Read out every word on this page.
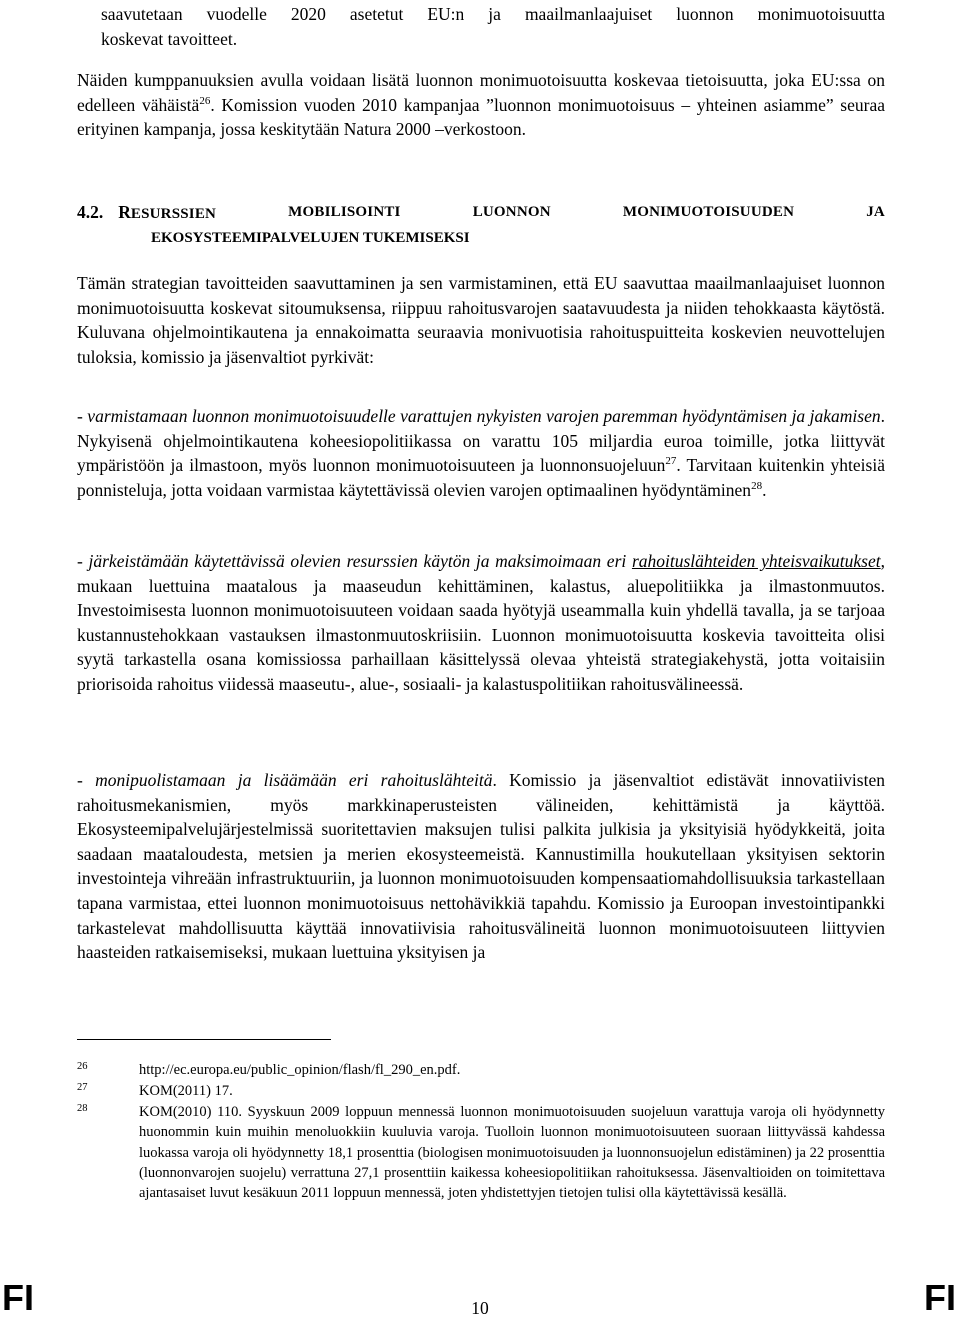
saavutetaan vuodelle 2020 asetetut EU:n ja maailmanlaajuiset luonnon monimuotoisuutta

koskevat tavoitteet.

Näiden kumppanuuksien avulla voidaan lisätä luonnon monimuotoisuutta koskevaa tietoisuutta, joka EU:ssa on edelleen vähäistä$^{26}$. Komission vuoden 2010 kampanjaa ”luonnon monimuotoisuus – yhteinen asiamme” seuraa erityinen kampanja, jossa keskitytään Natura 2000 –verkostoon.

4.2. RESURSSIEN	MOBILISOINTI	LUONNON	MONIMUOTOISUUDEN	JA
EKOSYSTEEMIPALVELUJEN TUKEMISEKSI

Tämän strategian tavoitteiden saavuttaminen ja sen varmistaminen, että EU saavuttaa maailmanlaajuiset luonnon monimuotoisuutta koskevat sitoumuksensa, riippuu rahoitusvarojen saatavuudesta ja niiden tehokkaasta käytöstä. Kuluvana ohjelmointikautena ja ennakoimatta seuraavia monivuotisia rahoituspuitteita koskevien neuvottelujen tuloksia, komissio ja jäsenvaltiot pyrkivät:

- varmistamaan luonnon monimuotoisuudelle varattujen nykyisten varojen paremman hyödyntämisen ja jakamisen. Nykyisenä ohjelmointikautena koheesiopolitiikassa on varattu 105 miljardia euroa toimille, jotka liittyvät ympäristöön ja ilmastoon, myös luonnon monimuotoisuuteen ja luonnonsuojeluun$^{27}$. Tarvitaan kuitenkin yhteisiä ponnisteluja, jotta voidaan varmistaa käytettävissä olevien varojen optimaalinen hyödyntäminen$^{28}$.

- järkeistämään käytettävissä olevien resurssien käytön ja maksimoimaan eri rahoituslähteiden yhteisvaikutukset, mukaan luettuina maatalous ja maaseudun kehittäminen, kalastus, aluepolitiikka ja ilmastonmuutos. Investoimisesta luonnon monimuotoisuuteen voidaan saada hyötyjä useammalla kuin yhdellä tavalla, ja se tarjoaa kustannustehokkaan vastauksen ilmastonmuutoskriisiin. Luonnon monimuotoisuutta koskevia tavoitteita olisi syytä tarkastella osana komissiossa parhaillaan käsittelyssä olevaa yhteistä strategiakehystä, jotta voitaisiin priorisoida rahoitus viidessä maaseutu-, alue-, sosiaali- ja kalastuspolitiikan rahoitusvälineessä.

- monipuolistamaan ja lisäämään eri rahoituslähteitä. Komissio ja jäsenvaltiot edistävät innovatiivisten rahoitusmekanismien, myös markkinaperusteisten välineiden, kehittämistä ja käyttöä. Ekosysteemipalvelujärjestelmissä suoritettavien maksujen tulisi palkita julkisia ja yksityisiä hyödykkeitä, joita saadaan maataloudesta, metsien ja merien ekosysteemeistä. Kannustimilla houkutellaan yksityisen sektorin investointeja vihreään infrastruktuuriin, ja luonnon monimuotoisuuden kompensaatiomahdollisuuksia tarkastellaan tapana varmistaa, ettei luonnon monimuotoisuus nettohävikkiä tapahdu. Komissio ja Euroopan investointipankki tarkastelevat mahdollisuutta käyttää innovatiivisia rahoitusvälineitä luonnon monimuotoisuuteen liittyvien haasteiden ratkaisemiseksi, mukaan luettuina yksityisen ja

26	http://ec.europa.eu/public_opinion/flash/fl_290_en.pdf.
27	KOM(2011) 17.
28	KOM(2010) 110. Syyskuun 2009 loppuun mennessä luonnon monimuotoisuuden suojeluun varattuja varoja oli hyödynnetty huonommin kuin muihin menoluokkiin kuuluvia varoja. Tuolloin luonnon monimuotoisuuteen suoraan liittyvässä kahdessa luokassa varoja oli hyödynnetty 18,1 prosenttia (biologisen monimuotoisuuden ja luonnonsuojelun edistäminen) ja 22 prosenttia (luonnonvarojen suojelu) verrattuna 27,1 prosenttiin kaikessa koheesiopolitiikan rahoituksessa. Jäsenvaltioiden on toimitettava ajantasaiset luvut kesäkuun 2011 loppuun mennessä, joten yhdistettyjen tietojen tulisi olla käytettävissä kesällä.
FI	10	FI
